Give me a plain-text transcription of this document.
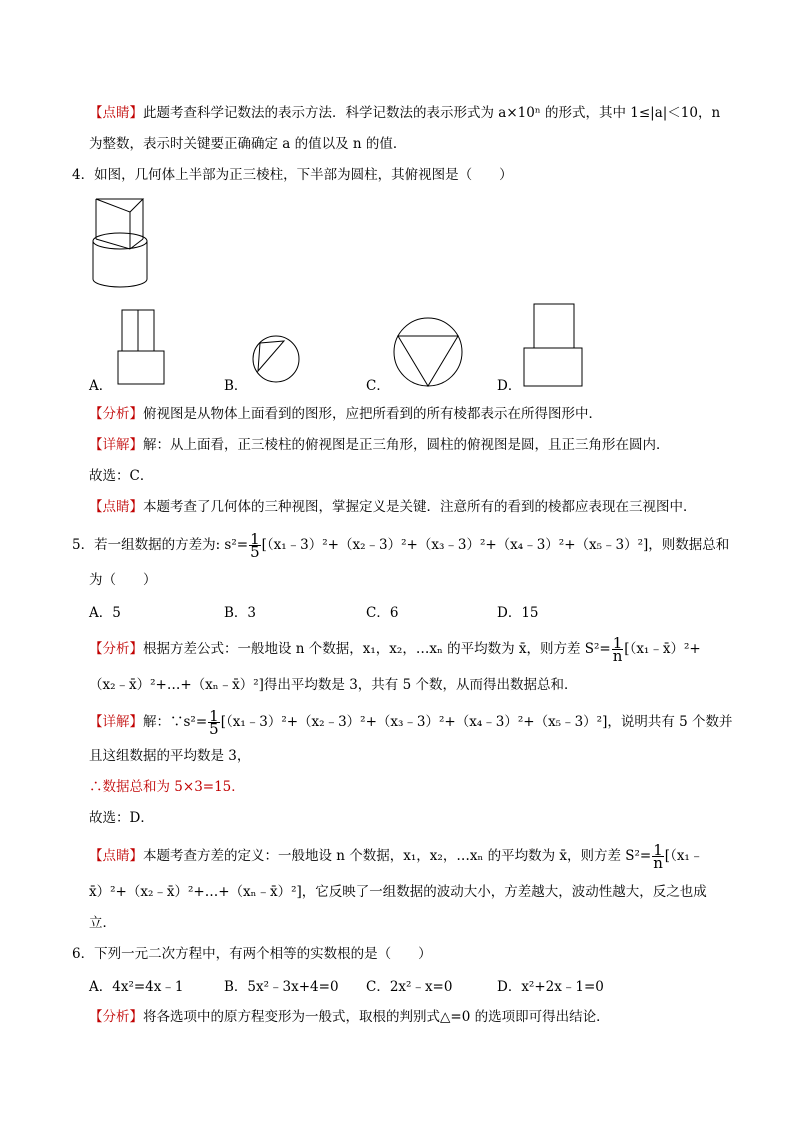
【点睛】此题考查科学记数法的表示方法．科学记数法的表示形式为 a×10ⁿ 的形式，其中 1≤|a|＜10，n
为整数，表示时关键要正确确定 a 的值以及 n 的值．
4．如图，几何体上半部为正三棱柱，下半部为圆柱，其俯视图是（　　）
A．	B．	C．	D．
【分析】俯视图是从物体上面看到的图形，应把所看到的所有棱都表示在所得图形中．
【详解】解：从上面看，正三棱柱的俯视图是正三角形，圆柱的俯视图是圆，且正三角形在圆内．
故选：C．
【点睛】本题考查了几何体的三种视图，掌握定义是关键．注意所有的看到的棱都应表现在三视图中．
5．若一组数据的方差为: $s^2= \frac{1}{5}$ [（x₁﹣3）²+（x₂﹣3）²+（x₃﹣3）²+（x₄﹣3）²+（x₅﹣3）²]，则数据总和
为（　　）
A．5	B．3	C．6	D．15
【分析】根据方差公式：一般地设 n 个数据，x₁，x₂，…xₙ 的平均数为 x̄，则方差 $S^2= \frac{1}{n}$ [（x₁﹣x̄）²+
（x₂﹣x̄）²+…+（xₙ﹣x̄）²]得出平均数是 3，共有 5 个数，从而得出数据总和．
【详解】解：∵s²= $\frac{1}{5}$ [（x₁﹣3）²+（x₂﹣3）²+（x₃﹣3）²+（x₄﹣3）²+（x₅﹣3）²]，说明共有 5 个数并
且这组数据的平均数是 3，
∴数据总和为 5×3=15．
故选：D．
【点睛】本题考查方差的定义：一般地设 n 个数据，x₁，x₂，…xₙ 的平均数为 x̄，则方差 $S^2= \frac{1}{n}$ [（x₁﹣
x̄）²+（x₂﹣x̄）²+…+（xₙ﹣x̄）²]，它反映了一组数据的波动大小，方差越大，波动性越大，反之也成
立．
6．下列一元二次方程中，有两个相等的实数根的是（　　）
A．4x²=4x﹣1	B．5x²﹣3x+4=0 C．2x²﹣x=0	D．x²+2x﹣1=0
【分析】将各选项中的原方程变形为一般式，取根的判别式△=0 的选项即可得出结论．
